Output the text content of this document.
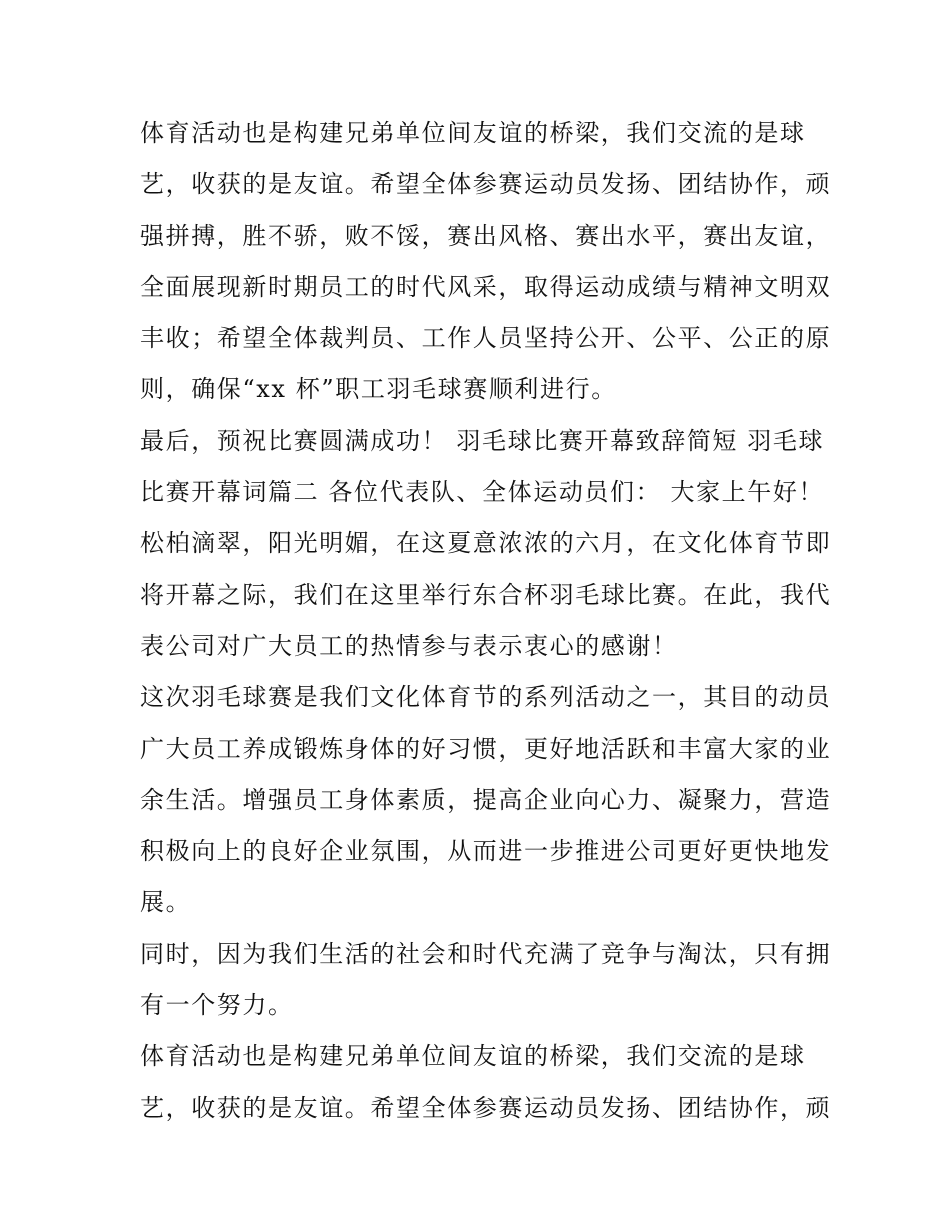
体育活动也是构建兄弟单位间友谊的桥梁，我们交流的是球
艺，收获的是友谊。希望全体参赛运动员发扬、团结协作，顽
强拼搏，胜不骄，败不馁，赛出风格、赛出水平，赛出友谊，
全面展现新时期员工的时代风采，取得运动成绩与精神文明双
丰收；希望全体裁判员、工作人员坚持公开、公平、公正的原
则，确保“xx 杯”职工羽毛球赛顺利进行。
最后，预祝比赛圆满成功！ 羽毛球比赛开幕致辞简短 羽毛球
比赛开幕词篇二 各位代表队、全体运动员们： 大家上午好！
松柏滴翠，阳光明媚，在这夏意浓浓的六月，在文化体育节即
将开幕之际，我们在这里举行东合杯羽毛球比赛。在此，我代
表公司对广大员工的热情参与表示衷心的感谢！
这次羽毛球赛是我们文化体育节的系列活动之一，其目的动员
广大员工养成锻炼身体的好习惯，更好地活跃和丰富大家的业
余生活。增强员工身体素质，提高企业向心力、凝聚力，营造
积极向上的良好企业氛围，从而进一步推进公司更好更快地发
展。
同时，因为我们生活的社会和时代充满了竞争与淘汰，只有拥
有一个努力。
体育活动也是构建兄弟单位间友谊的桥梁，我们交流的是球
艺，收获的是友谊。希望全体参赛运动员发扬、团结协作，顽
